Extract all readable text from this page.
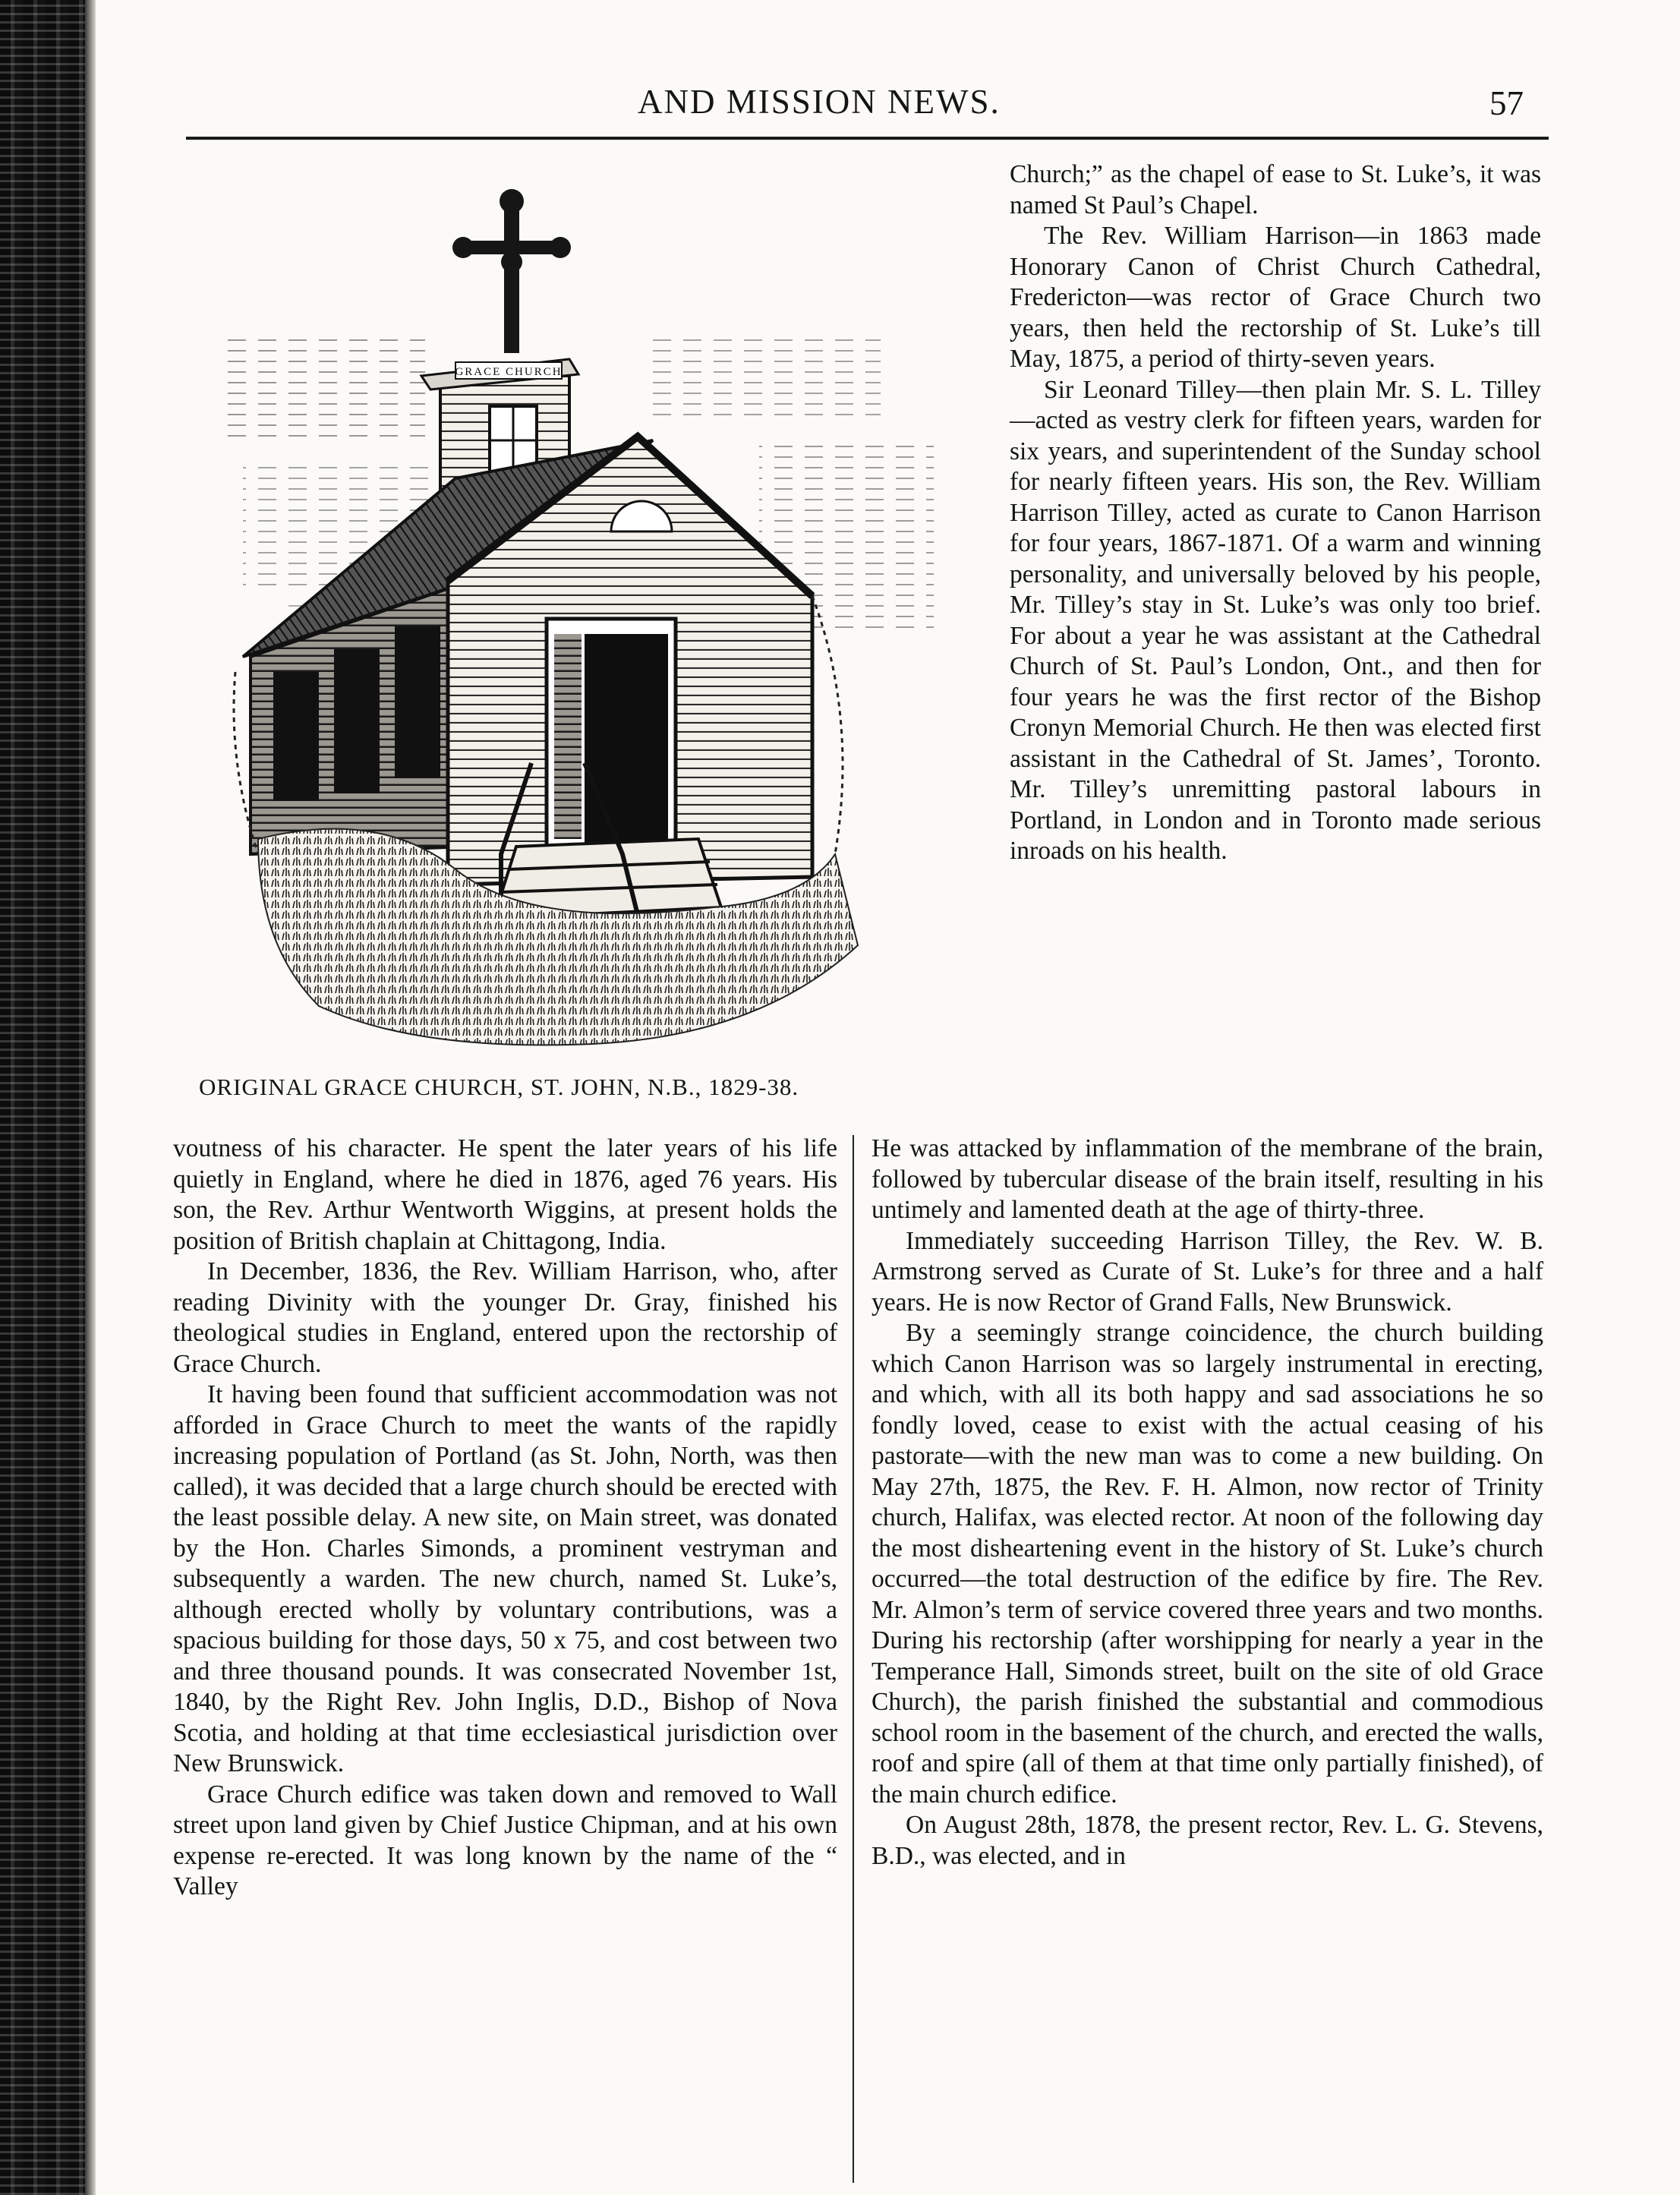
AND MISSION NEWS.	57
GRACE CHURCH
ORIGINAL GRACE CHURCH, ST. JOHN, N.B., 1829-38.

Church;” as the chapel of ease to St. Luke’s, it was named St Paul’s Chapel.

The Rev. William Harrison—in 1863 made Honorary Canon of Christ Church Cathedral, Fredericton—was rector of Grace Church two years, then held the rectorship of St. Luke’s till May, 1875, a period of thirty-seven years.

Sir Leonard Tilley—then plain Mr. S. L. Tilley—acted as vestry clerk for fifteen years, warden for six years, and superintendent of the Sunday school for nearly fifteen years. His son, the Rev. William Harrison Tilley, acted as curate to Canon Harrison for four years, 1867-1871. Of a warm and winning personality, and universally beloved by his people, Mr. Tilley’s stay in St. Luke’s was only too brief. For about a year he was assistant at the Cathedral Church of St. Paul’s London, Ont., and then for four years he was the first rector of the Bishop Cronyn Memorial Church. He then was elected first assistant in the Cathedral of St. James’, Toronto. Mr. Tilley’s unremitting pastoral labours in Portland, in London and in Toronto made serious inroads on his health.

voutness of his character. He spent the later years of his life quietly in England, where he died in 1876, aged 76 years. His son, the Rev. Arthur Wentworth Wiggins, at present holds the position of British chaplain at Chittagong, India.

In December, 1836, the Rev. William Harrison, who, after reading Divinity with the younger Dr. Gray, finished his theological studies in England, entered upon the rectorship of Grace Church.

It having been found that sufficient accommodation was not afforded in Grace Church to meet the wants of the rapidly increasing population of Portland (as St. John, North, was then called), it was decided that a large church should be erected with the least possible delay. A new site, on Main street, was donated by the Hon. Charles Simonds, a prominent vestryman and subsequently a warden. The new church, named St. Luke’s, although erected wholly by voluntary contributions, was a spacious building for those days, 50 x 75, and cost between two and three thousand pounds. It was consecrated November 1st, 1840, by the Right Rev. John Inglis, D.D., Bishop of Nova Scotia, and holding at that time ecclesiastical jurisdiction over New Brunswick.

Grace Church edifice was taken down and removed to Wall street upon land given by Chief Justice Chipman, and at his own expense re-erected. It was long known by the name of the “ Valley

He was attacked by inflammation of the membrane of the brain, followed by tubercular disease of the brain itself, resulting in his untimely and lamented death at the age of thirty-three.

Immediately succeeding Harrison Tilley, the Rev. W. B. Armstrong served as Curate of St. Luke’s for three and a half years. He is now Rector of Grand Falls, New Brunswick.

By a seemingly strange coincidence, the church building which Canon Harrison was so largely instrumental in erecting, and which, with all its both happy and sad associations he so fondly loved, cease to exist with the actual ceasing of his pastorate—with the new man was to come a new building. On May 27th, 1875, the Rev. F. H. Almon, now rector of Trinity church, Halifax, was elected rector. At noon of the following day the most disheartening event in the history of St. Luke’s church occurred—the total destruction of the edifice by fire. The Rev. Mr. Almon’s term of service covered three years and two months. During his rectorship (after worshipping for nearly a year in the Temperance Hall, Simonds street, built on the site of old Grace Church), the parish finished the substantial and commodious school room in the basement of the church, and erected the walls, roof and spire (all of them at that time only partially finished), of the main church edifice.

On August 28th, 1878, the present rector, Rev. L. G. Stevens, B.D., was elected, and in
